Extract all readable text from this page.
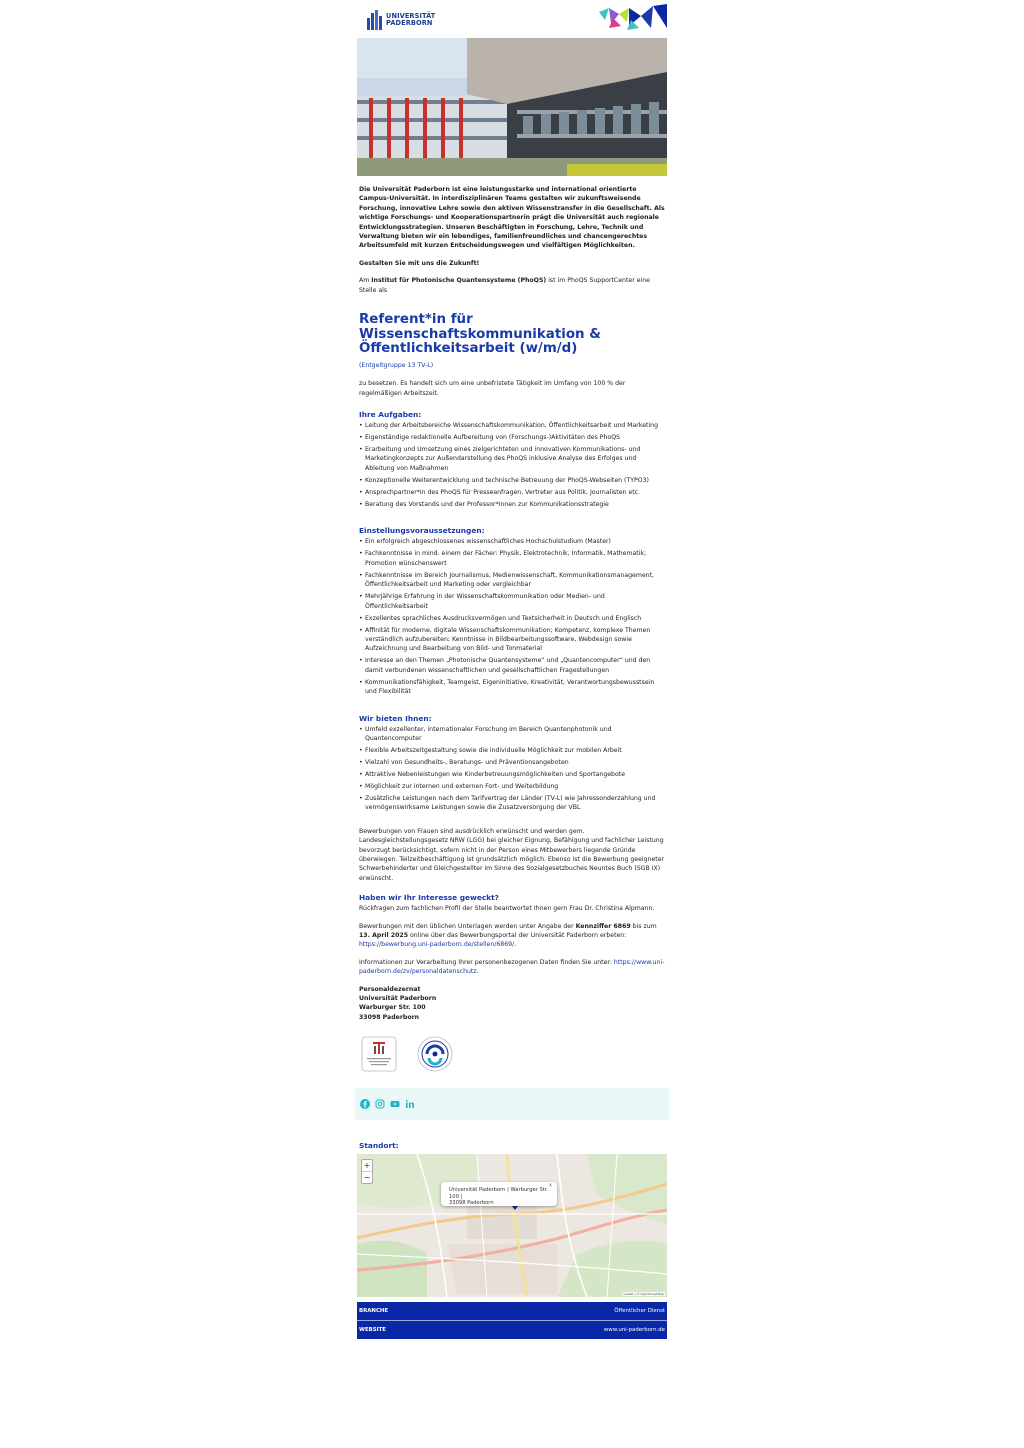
UNIVERSITÄT
PADERBORN

Die Universität Paderborn ist eine leistungsstarke und international orientierte Campus-Universität. In interdisziplinären Teams gestalten wir zukunftsweisende Forschung, innovative Lehre sowie den aktiven Wissenstransfer in die Gesellschaft. Als wichtige Forschungs- und Kooperationspartnerin prägt die Universität auch regionale Entwicklungsstrategien. Unseren Beschäftigten in Forschung, Lehre, Technik und Verwaltung bieten wir ein lebendiges, familienfreundliches und chancengerechtes Arbeitsumfeld mit kurzen Entscheidungswegen und vielfältigen Möglichkeiten.

Gestalten Sie mit uns die Zukunft!

Am Institut für Photonische Quantensysteme (PhoQS) ist im PhoQS SupportCenter eine Stelle als

Referent*in für Wissenschaftskommunikation & Öffentlichkeitsarbeit (w/m/d)
(Entgeltgruppe 13 TV-L)

zu besetzen. Es handelt sich um eine unbefristete Tätigkeit im Umfang von 100 % der regelmäßigen Arbeitszeit.

Ihre Aufgaben:
• Leitung der Arbeitsbereiche Wissenschaftskommunikation, Öffentlichkeitsarbeit und Marketing
• Eigenständige redaktionelle Aufbereitung von (Forschungs-)Aktivitäten des PhoQS
• Erarbeitung und Umsetzung eines zielgerichteten und innovativen Kommunikations- und Marketingkonzepts zur Außendarstellung des PhoQS inklusive Analyse des Erfolges und Ableitung von Maßnahmen
• Konzeptionelle Weiterentwicklung und technische Betreuung der PhoQS-Webseiten (TYPO3)
• Ansprechpartner*in des PhoQS für Presseanfragen, Vertreter aus Politik, Journalisten etc.
• Beratung des Vorstands und der Professor*innen zur Kommunikationsstrategie
Einstellungsvoraussetzungen:
• Ein erfolgreich abgeschlossenes wissenschaftliches Hochschulstudium (Master)
• Fachkenntnisse in mind. einem der Fächer: Physik, Elektrotechnik, Informatik, Mathematik; Promotion wünschenswert
• Fachkenntnisse im Bereich Journalismus, Medienwissenschaft, Kommunikationsmanagement, Öffentlichkeitsarbeit und Marketing oder vergleichbar
• Mehrjährige Erfahrung in der Wissenschaftskommunikation oder Medien- und Öffentlichkeitsarbeit
• Exzellentes sprachliches Ausdrucksvermögen und Textsicherheit in Deutsch und Englisch
• Affinität für moderne, digitale Wissenschaftskommunikation; Kompetenz, komplexe Themen verständlich aufzubereiten; Kenntnisse in Bildbearbeitungssoftware, Webdesign sowie Aufzeichnung und Bearbeitung von Bild- und Tonmaterial
• Interesse an den Themen „Photonische Quantensysteme“ und „Quantencomputer“ und den damit verbundenen wissenschaftlichen und gesellschaftlichen Fragestellungen
• Kommunikationsfähigkeit, Teamgeist, Eigeninitiative, Kreativität, Verantwortungsbewusstsein und Flexibilität
Wir bieten Ihnen:
• Umfeld exzellenter, internationaler Forschung im Bereich Quantenphotonik und Quantencomputer
• Flexible Arbeitszeitgestaltung sowie die individuelle Möglichkeit zur mobilen Arbeit
• Vielzahl von Gesundheits-, Beratungs- und Präventionsangeboten
• Attraktive Nebenleistungen wie Kinderbetreuungsmöglichkeiten und Sportangebote
• Möglichkeit zur internen und externen Fort- und Weiterbildung
• Zusätzliche Leistungen nach dem Tarifvertrag der Länder (TV-L) wie Jahressonderzahlung und vermögenswirksame Leistungen sowie die Zusatzversorgung der VBL

Bewerbungen von Frauen sind ausdrücklich erwünscht und werden gem. Landesgleichstellungsgesetz NRW (LGG) bei gleicher Eignung, Befähigung und fachlicher Leistung bevorzugt berücksichtigt, sofern nicht in der Person eines Mitbewerbers liegende Gründe überwiegen. Teilzeitbeschäftigung ist grundsätzlich möglich. Ebenso ist die Bewerbung geeigneter Schwerbehinderter und Gleichgestellter im Sinne des Sozialgesetzbuches Neuntes Buch (SGB IX) erwünscht.

Haben wir Ihr Interesse geweckt?

Rückfragen zum fachlichen Profil der Stelle beantwortet Ihnen gern Frau Dr. Christina Alpmann.

Bewerbungen mit den üblichen Unterlagen werden unter Angabe der Kennziffer 6869 bis zum 13. April 2025 online über das Bewerbungsportal der Universität Paderborn erbeten: https://bewerbung.uni-paderborn.de/stellen/6869/.

Informationen zur Verarbeitung Ihrer personenbezogenen Daten finden Sie unter: https://www.uni-paderborn.de/zv/personaldatenschutz.

Personaldezernat
Universität Paderborn
Warburger Str. 100
33098 Paderborn
Standort:
+
−
×
Universität Paderborn | Warburger Str. 100 |
33098 Paderborn
Leaflet | © OpenStreetMap
BRANCHE	Öffentlicher Dienst
WEBSITE	www.uni-paderborn.de
